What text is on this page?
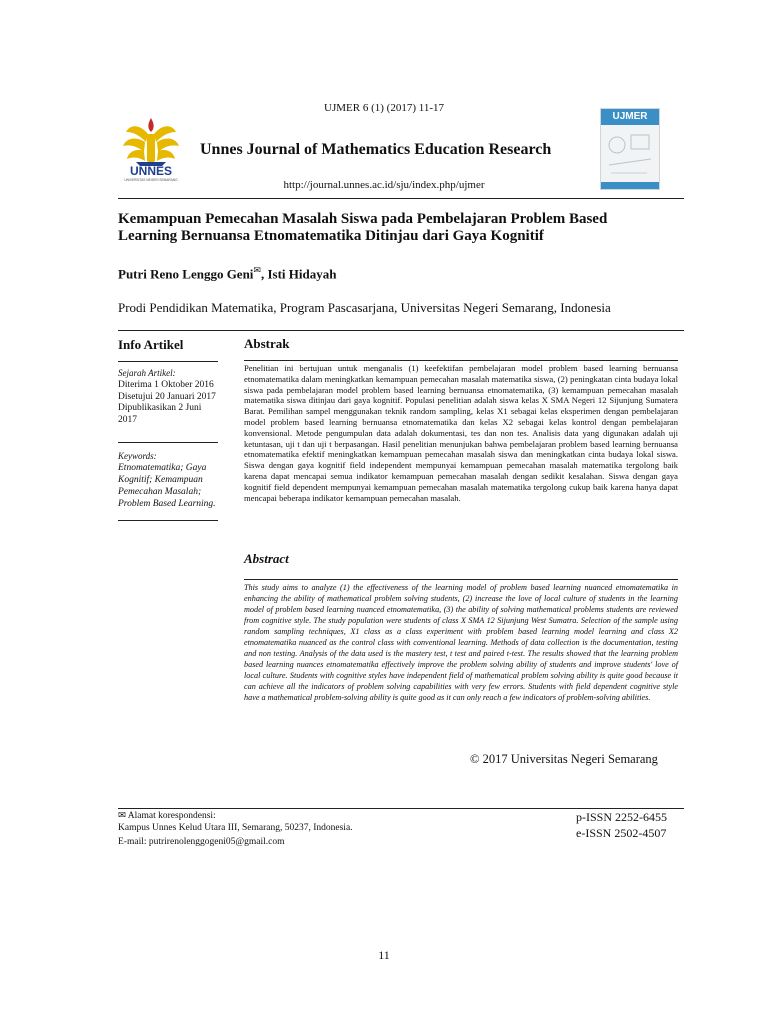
UJMER 6 (1) (2017) 11-17
UNNES
UNIVERSITAS NEGERI SEMARANG
Unnes Journal of Mathematics Education Research
http://journal.unnes.ac.id/sju/index.php/ujmer
UJMER
Kemampuan Pemecahan Masalah Siswa pada Pembelajaran Problem Based
Learning Bernuansa Etnomatematika Ditinjau dari Gaya Kognitif
Putri Reno Lenggo Geni✉, Isti Hidayah
Prodi Pendidikan Matematika, Program Pascasarjana, Universitas Negeri Semarang, Indonesia
Info Artikel
Sejarah Artikel:
Diterima 1 Oktober 2016
Disetujui 20 Januari 2017
Dipublikasikan 2 Juni
2017
Keywords:
Etnomatematika; Gaya Kognitif; Kemampuan Pemecahan Masalah; Problem Based Learning.
Abstrak
Penelitian ini bertujuan untuk menganalis (1) keefektifan pembelajaran model problem based learning bernuansa etnomatematika dalam meningkatkan kemampuan pemecahan masalah matematika siswa, (2) peningkatan cinta budaya lokal siswa pada pembelajaran model problem based learning bernuansa etnomatematika, (3) kemampuan pemecahan masalah matematika siswa ditinjau dari gaya kognitif. Populasi penelitian adalah siswa kelas X SMA Negeri 12 Sijunjung Sumatera Barat. Pemilihan sampel menggunakan teknik random sampling, kelas X1 sebagai kelas eksperimen dengan pembelajaran model problem based learning bernuansa etnomatematika dan kelas X2 sebagai kelas kontrol dengan pembelajaran konvensional. Metode pengumpulan data adalah dokumentasi, tes dan non tes. Analisis data yang digunakan adalah uji ketuntasan, uji t dan uji t berpasangan. Hasil penelitian menunjukan bahwa pembelajaran problem based learning bernuansa etnomatematika efektif meningkatkan kemampuan pemecahan masalah siswa dan meningkatkan cinta budaya lokal siswa. Siswa dengan gaya kognitif field independent mempunyai kemampuan pemecahan masalah matematika tergolong baik karena dapat mencapai semua indikator kemampuan pemecahan masalah dengan sedikit kesalahan. Siswa dengan gaya kognitif field dependent mempunyai kemampuan pemecahan masalah matematika tergolong cukup baik karena hanya dapat mencapai beberapa indikator kemampuan pemecahan masalah.
Abstract
This study aims to analyze (1) the effectiveness of the learning model of problem based learning nuanced etnomatematika in enhancing the ability of mathematical problem solving students, (2) increase the love of local culture of students in the learning model of problem based learning nuanced etnomatematika, (3) the ability of solving mathematical problems students are reviewed from cognitive style. The study population were students of class X SMA 12 Sijunjung West Sumatra. Selection of the sample using random sampling techniques, X1 class as a class experiment with problem based learning model learning and class X2 etnomatematika nuanced as the control class with conventional learning. Methods of data collection is the documentation, testing and non testing. Analysis of the data used is the mastery test, t test and paired t-test. The results showed that the learning problem based learning nuances etnomatematika effectively improve the problem solving ability of students and improve students' love of local culture. Students with cognitive styles have independent field of mathematical problem solving ability is quite good because it can achieve all the indicators of problem solving capabilities with very few errors. Students with field dependent cognitive style have a mathematical problem-solving ability is quite good as it can only reach a few indicators of problem-solving abilities.
© 2017 Universitas Negeri Semarang
✉ Alamat korespondensi:
Kampus Unnes Kelud Utara III, Semarang, 50237, Indonesia.
E-mail: putrirenolenggogeni05@gmail.com
p-ISSN 2252-6455
e-ISSN 2502-4507
11
